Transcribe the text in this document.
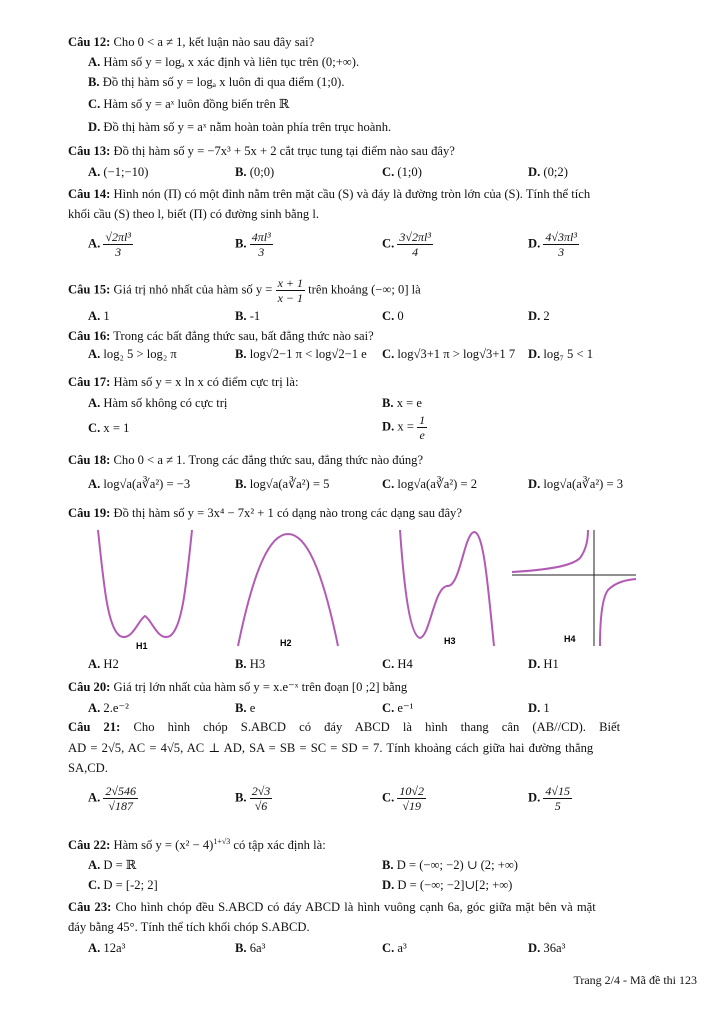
Câu 12: Cho 0 < a ≠ 1, kết luận nào sau đây sai?
A. Hàm số y = logₐ x xác định và liên tục trên (0;+∞).
B. Đồ thị hàm số y = logₐ x luôn đi qua điểm (1;0).
C. Hàm số y = aˣ luôn đồng biến trên ℝ
D. Đồ thị hàm số y = aˣ nằm hoàn toàn phía trên trục hoành.
Câu 13: Đồ thị hàm số y = −7x³ + 5x + 2 cắt trục tung tại điểm nào sau đây?
A. (−1;−10)	B. (0;0)	C. (1;0)	D. (0;2)
Câu 14: Hình nón (Π) có một đỉnh nằm trên mặt cầu (S) và đáy là đường tròn lớn của (S). Tính thể tích
khối cầu (S) theo l, biết (Π) có đường sinh bằng l.
A. $\frac{\text{√2πl³}}{3}$	B. $\frac{\text{4πl³}}{3}$	C. $\frac{\text{3√2πl³}}{4}$	D. $\frac{\text{4√3πl³}}{3}$
Câu 15: Giá trị nhỏ nhất của hàm số $y = \frac{x + 1}{x - 1}$ trên khoảng (−∞; 0] là
A. 1	B. -1	C. 0	D. 2
Câu 16: Trong các bất đẳng thức sau, bất đẳng thức nào sai?
A. log₂ 5 > log₂ π	B. log√2−1 π < log√2−1 e C. log√3+1 π > log√3+1 7 D. log₇ 5 < 1
Câu 17: Hàm số y = x ln x có điểm cực trị là:
A. Hàm số không có cực trị	B. x = e
C. x = 1	D. $x = \frac{1}{e}$
Câu 18: Cho 0 < a ≠ 1. Trong các đẳng thức sau, đẳng thức nào đúng?
A. log√a(a∛a²) = −3	B. log√a(a∛a²) = 5	C. log√a(a∛a²) = 2	D. log√a(a∛a²) = 3
Câu 19: Đồ thị hàm số y = 3x⁴ − 7x² + 1 có dạng nào trong các dạng sau đây?
H1	H2	H3	H4
A. H2	B. H3	C. H4	D. H1
Câu 20: Giá trị lớn nhất của hàm số y = x.e⁻ˣ trên đoạn [0 ;2] bằng
A. 2.e⁻²	B. e	C. e⁻¹	D. 1
Câu 21: Cho hình chóp S.ABCD có đáy ABCD là hình thang cân (AB//CD). Biết
AD = 2√5, AC = 4√5, AC ⊥ AD, SA = SB = SC = SD = 7. Tính khoảng cách giữa hai đường thẳng
SA,CD.
A. $\frac{2√546}{√187}$	B. $\frac{2√3}{√6}$	C. $\frac{10√2}{√19}$	D. $\frac{4√15}{5}$
Câu 22: Hàm số $y = (x^2 - 4)^{1+√3}$ có tập xác định là:
A. D = ℝ	B. D = (−∞; −2) ∪ (2; +∞)
C. D = [-2; 2]	D. D = (−∞; −2]∪[2; +∞)
Câu 23: Cho hình chóp đều S.ABCD có đáy ABCD là hình vuông cạnh 6a, góc giữa mặt bên và mặt
đáy bằng 45°. Tính thể tích khối chóp S.ABCD.
A. 12a³	B. 6a³	C. a³	D. 36a³
Trang 2/4 - Mã đề thi 123
